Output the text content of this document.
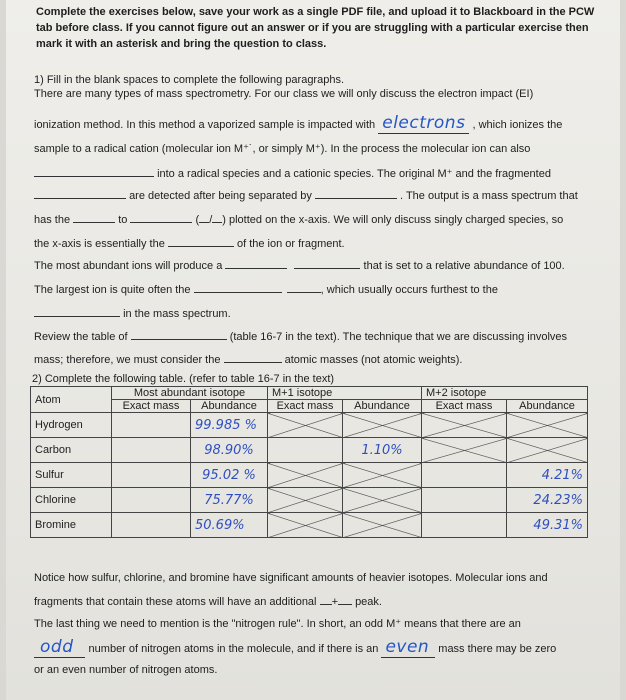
Complete the exercises below, save your work as a single PDF file, and upload it to Blackboard in the PCW
tab before class. If you cannot figure out an answer or if you are struggling with a particular exercise then
mark it with an asterisk and bring the question to class.
1) Fill in the blank spaces to complete the following paragraphs.
There are many types of mass spectrometry. For our class we will only discuss the electron impact (EI)
ionization method. In this method a vaporized sample is impacted with electrons , which ionizes the
sample to a radical cation (molecular ion M⁺˙, or simply M⁺). In the process the molecular ion can also
into a radical species and a cationic species. The original M⁺ and the fragmented
are detected after being separated by	. The output is a mass spectrum that
has the	to	( / ) plotted on the x-axis. We will only discuss singly charged species, so
the x-axis is essentially the	of the ion or fragment.
The most abundant ions will produce a	that is set to a relative abundance of 100.
The largest ion is quite often the	, which usually occurs furthest to the
in the mass spectrum.
Review the table of	(table 16-7 in the text). The technique that we are discussing involves
mass; therefore, we must consider the	atomic masses (not atomic weights).
2) Complete the following table. (refer to table 16-7 in the text)
Atom	Most abundant isotope		M+1 isotope		M+2 isotope	
	Exact mass	Abundance	Exact mass	Abundance	Exact mass	Abundance
Hydrogen		99.985 %				
Carbon		98.90%		1.10%		
Sulfur		95.02 %				4.21%
Chlorine		75.77%				24.23%
Bromine		50.69%				49.31%
Notice how sulfur, chlorine, and bromine have significant amounts of heavier isotopes. Molecular ions and
fragments that contain these atoms will have an additional + peak.
The last thing we need to mention is the "nitrogen rule". In short, an odd M⁺ means that there are an
odd number of nitrogen atoms in the molecule, and if there is an even mass there may be zero
or an even number of nitrogen atoms.
